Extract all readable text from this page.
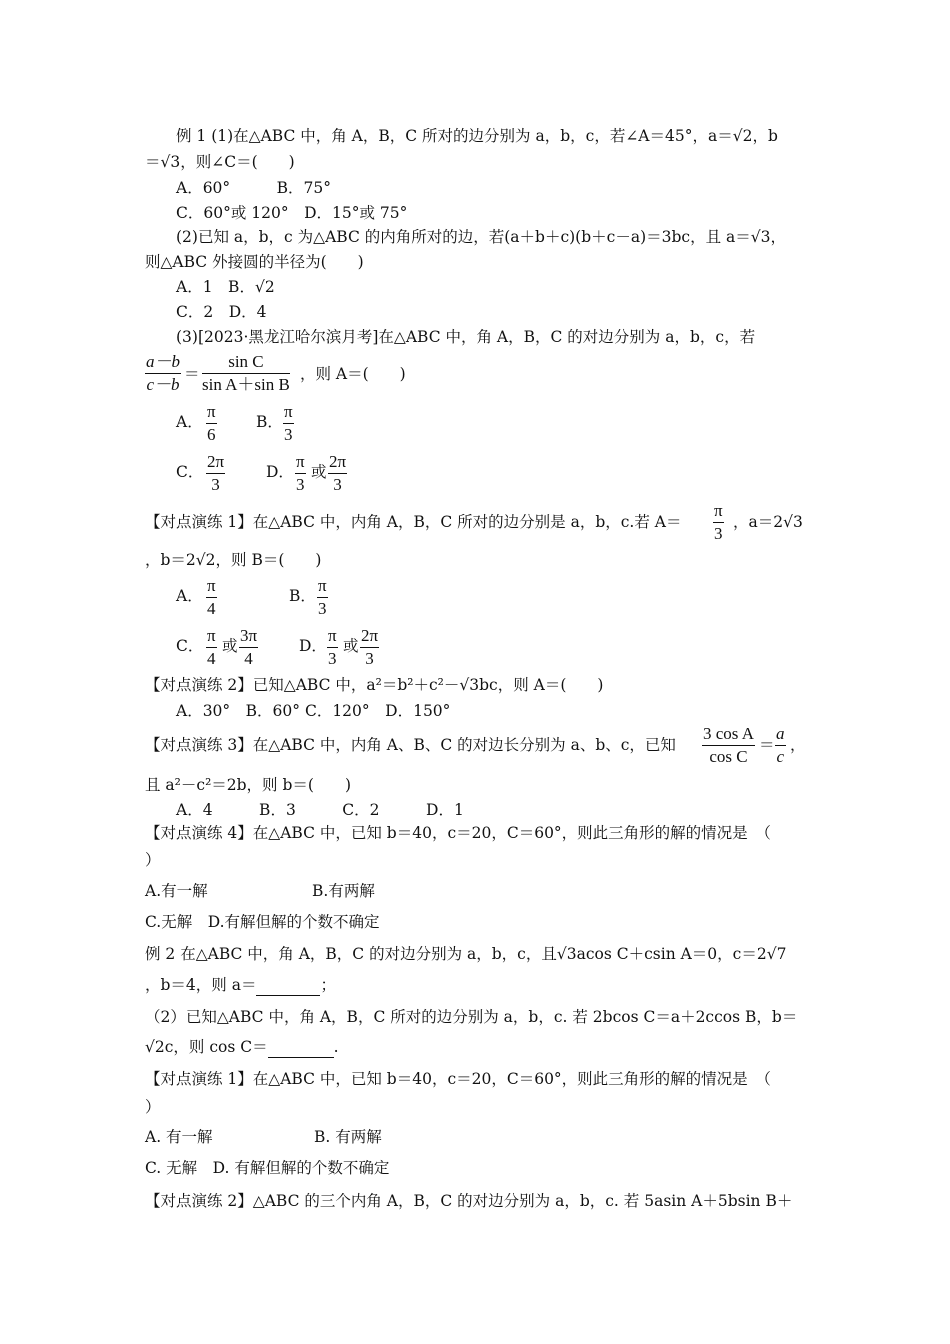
例 1 (1)在△ABC 中，角 A，B，C 所对的边分别为 a，b，c，若∠A＝45°，a＝√2，b
＝√3，则∠C＝(　　)
A．60°　　　B．75°
C．60°或 120°　D．15°或 75°
(2)已知 a，b，c 为△ABC 的内角所对的边，若(a＋b＋c)(b＋c－a)＝3bc，且 a＝√3，
则△ABC 外接圆的半径为(　　)
A．1　B．√2
C．2　D．4
(3)[2023·黑龙江哈尔滨月考]在△ABC 中，角 A，B，C 的对边分别为 a，b，c，若
$\frac{a-b}{c-b} = \frac{\text{sin C}}{\text{sin A＋sin B}}$ ，则 A＝(　　)
A． $\frac{\pi}{6}$	B． $\frac{\pi}{3}$
C． $\frac{2\pi}{3}$	D． $\frac{\pi}{3}$ 或 $\frac{2\pi}{3}$
【对点演练 1】在△ABC 中，内角 A，B，C 所对的边分别是 a，b，c.若 $A= \frac{\pi}{3}$ ，a＝2√3
，b＝2√2，则 B＝(　　)
A． $\frac{\pi}{4}$	B． $\frac{\pi}{3}$
C． $\frac{\pi}{4}$ 或 $\frac{3\pi}{4}$	D． $\frac{\pi}{3}$ 或 $\frac{2\pi}{3}$
【对点演练 2】已知△ABC 中，a²＝b²＋c²－√3bc，则 A＝(　　)
A．30°　B．60° C．120°　D．150°
【对点演练 3】在△ABC 中，内角 A、B、C 的对边长分别为 a、b、c，已知 $\frac{\text{3 cos A}}{\text{cos C}} = \frac{a}{c}$ ，
且 a²－c²＝2b，则 b＝(　　)
A．4　　　B．3　　　C．2　　　D．1
【对点演练 4】在△ABC 中，已知 b＝40，c＝20，C＝60°，则此三角形的解的情况是　（
）
A.有一解	B.有两解
C.无解　D.有解但解的个数不确定
例 2 在△ABC 中，角 A，B，C 的对边分别为 a，b，c，且√3acos C＋csin A＝0，c＝2√7
，b＝4，则 a＝	；
（2）已知△ABC 中，角 A，B，C 所对的边分别为 a，b，c. 若 2bcos C＝a＋2ccos B，b＝
√2c，则 cos C＝	.
【对点演练 1】在△ABC 中，已知 b＝40，c＝20，C＝60°，则此三角形的解的情况是　（
）
A. 有一解	B. 有两解
C. 无解　D. 有解但解的个数不确定
【对点演练 2】△ABC 的三个内角 A，B，C 的对边分别为 a，b，c. 若 5asin A＋5bsin B＋
